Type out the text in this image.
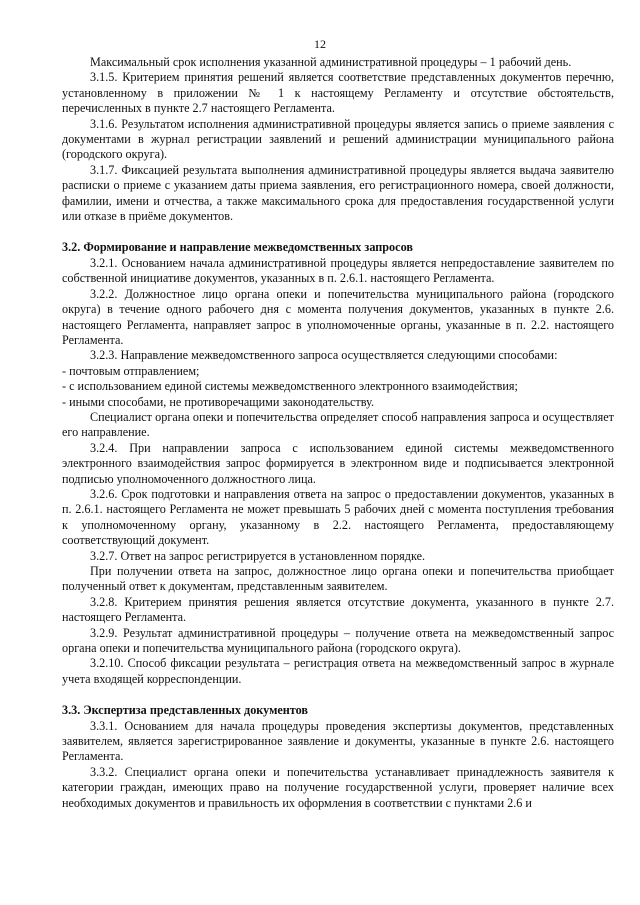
12

Максимальный срок исполнения указанной административной процедуры – 1 рабочий день.

3.1.5. Критерием принятия решений является соответствие представленных документов перечню, установленному в приложении № 1 к настоящему Регламенту и отсутствие обстоятельств, перечисленных в пункте 2.7 настоящего Регламента.

3.1.6. Результатом исполнения административной процедуры является запись о приеме заявления с документами в журнал регистрации заявлений и решений администрации муниципального района (городского округа).

3.1.7. Фиксацией результата выполнения административной процедуры является выдача заявителю расписки о приеме с указанием даты приема заявления, его регистрационного номера, своей должности, фамилии, имени и отчества, а также максимального срока для предоставления государственной услуги или отказе в приёме документов.

3.2. Формирование и направление межведомственных запросов

3.2.1. Основанием начала административной процедуры является непредоставление заявителем по собственной инициативе документов, указанных в п. 2.6.1. настоящего Регламента.

3.2.2. Должностное лицо органа опеки и попечительства муниципального района (городского округа) в течение одного рабочего дня с момента получения документов, указанных в пункте 2.6. настоящего Регламента, направляет запрос в уполномоченные органы, указанные в п. 2.2. настоящего Регламента.

3.2.3. Направление межведомственного запроса осуществляется следующими способами:

- почтовым отправлением;

- с использованием единой системы межведомственного электронного взаимодействия;

- иными способами, не противоречащими законодательству.

Специалист органа опеки и попечительства определяет способ направления запроса и осуществляет его направление.

3.2.4. При направлении запроса с использованием единой системы межведомственного электронного взаимодействия запрос формируется в электронном виде и подписывается электронной подписью уполномоченного должностного лица.

3.2.6. Срок подготовки и направления ответа на запрос о предоставлении документов, указанных в п. 2.6.1. настоящего Регламента не может превышать 5 рабочих дней с момента поступления требования к уполномоченному органу, указанному в 2.2. настоящего Регламента, предоставляющему соответствующий документ.

3.2.7. Ответ на запрос регистрируется в установленном порядке.

При получении ответа на запрос, должностное лицо органа опеки и попечительства приобщает полученный ответ к документам, представленным заявителем.

3.2.8. Критерием принятия решения является отсутствие документа, указанного в пункте 2.7. настоящего Регламента.

3.2.9. Результат административной процедуры – получение ответа на межведомственный запрос органа опеки и попечительства муниципального района (городского округа).

3.2.10. Способ фиксации результата – регистрация ответа на межведомственный запрос в журнале учета входящей корреспонденции.

3.3. Экспертиза представленных документов

3.3.1. Основанием для начала процедуры проведения экспертизы документов, представленных заявителем, является зарегистрированное заявление и документы, указанные в пункте 2.6. настоящего Регламента.

3.3.2. Специалист органа опеки и попечительства устанавливает принадлежность заявителя к категории граждан, имеющих право на получение государственной услуги, проверяет наличие всех необходимых документов и правильность их оформления в соответствии с пунктами 2.6 и
